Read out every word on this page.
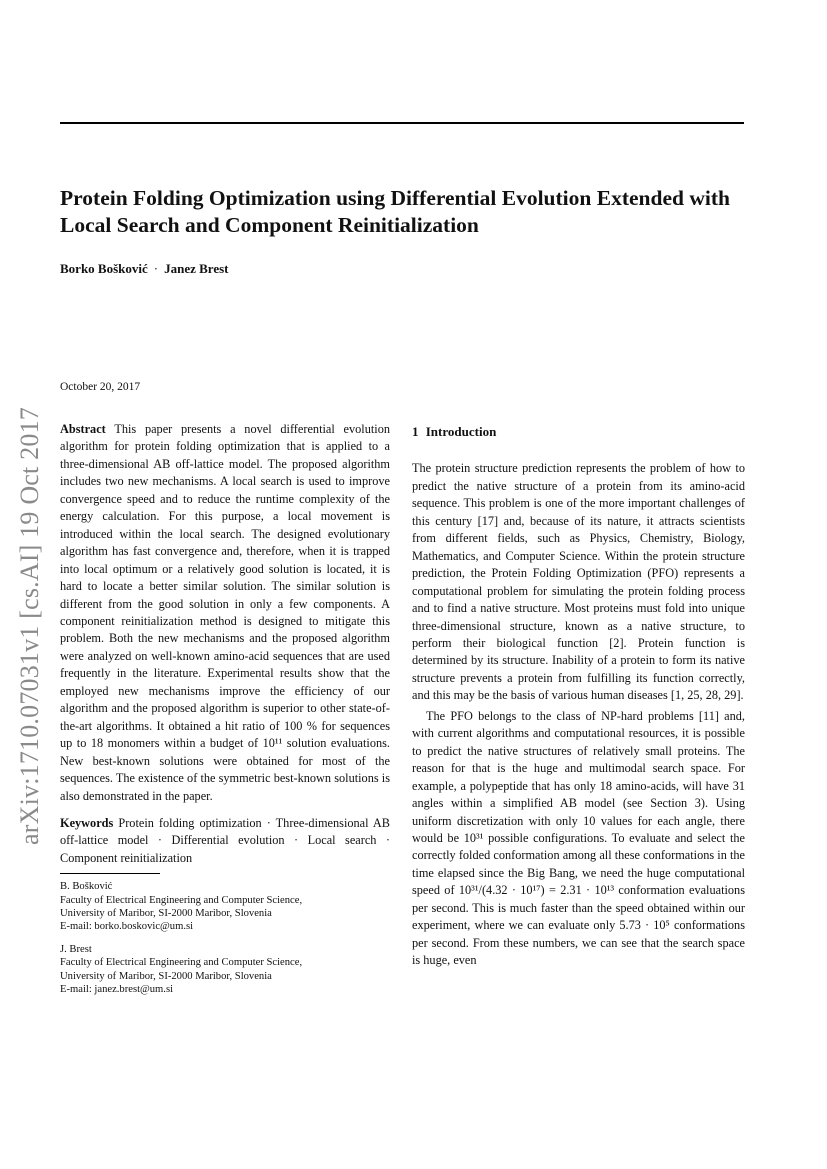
Protein Folding Optimization using Differential Evolution Extended with Local Search and Component Reinitialization
Borko Bošković · Janez Brest
arXiv:1710.07031v1 [cs.AI] 19 Oct 2017
October 20, 2017

Abstract This paper presents a novel differential evolution algorithm for protein folding optimization that is applied to a three-dimensional AB off-lattice model. The proposed algorithm includes two new mechanisms. A local search is used to improve convergence speed and to reduce the runtime complexity of the energy calculation. For this purpose, a local movement is introduced within the local search. The designed evolutionary algorithm has fast convergence and, therefore, when it is trapped into local optimum or a relatively good solution is located, it is hard to locate a better similar solution. The similar solution is different from the good solution in only a few components. A component reinitialization method is designed to mitigate this problem. Both the new mechanisms and the proposed algorithm were analyzed on well-known amino-acid sequences that are used frequently in the literature. Experimental results show that the employed new mechanisms improve the efficiency of our algorithm and the proposed algorithm is superior to other state-of-the-art algorithms. It obtained a hit ratio of 100 % for sequences up to 18 monomers within a budget of 10¹¹ solution evaluations. New best-known solutions were obtained for most of the sequences. The existence of the symmetric best-known solutions is also demonstrated in the paper.

Keywords Protein folding optimization · Three-dimensional AB off-lattice model · Differential evolution · Local search · Component reinitialization

B. Bošković
Faculty of Electrical Engineering and Computer Science,
University of Maribor, SI-2000 Maribor, Slovenia
E-mail: borko.boskovic@um.si
J. Brest
Faculty of Electrical Engineering and Computer Science,
University of Maribor, SI-2000 Maribor, Slovenia
E-mail: janez.brest@um.si
1 Introduction

The protein structure prediction represents the problem of how to predict the native structure of a protein from its amino-acid sequence. This problem is one of the more important challenges of this century [17] and, because of its nature, it attracts scientists from different fields, such as Physics, Chemistry, Biology, Mathematics, and Computer Science. Within the protein structure prediction, the Protein Folding Optimization (PFO) represents a computational problem for simulating the protein folding process and to find a native structure. Most proteins must fold into unique three-dimensional structure, known as a native structure, to perform their biological function [2]. Protein function is determined by its structure. Inability of a protein to form its native structure prevents a protein from fulfilling its function correctly, and this may be the basis of various human diseases [1, 25, 28, 29].

The PFO belongs to the class of NP-hard problems [11] and, with current algorithms and computational resources, it is possible to predict the native structures of relatively small proteins. The reason for that is the huge and multimodal search space. For example, a polypeptide that has only 18 amino-acids, will have 31 angles within a simplified AB model (see Section 3). Using uniform discretization with only 10 values for each angle, there would be 10³¹ possible configurations. To evaluate and select the correctly folded conformation among all these conformations in the time elapsed since the Big Bang, we need the huge computational speed of 10³¹/(4.32 · 10¹⁷) = 2.31 · 10¹³ conformation evaluations per second. This is much faster than the speed obtained within our experiment, where we can evaluate only 5.73 · 10⁵ conformations per second. From these numbers, we can see that the search space is huge, even
